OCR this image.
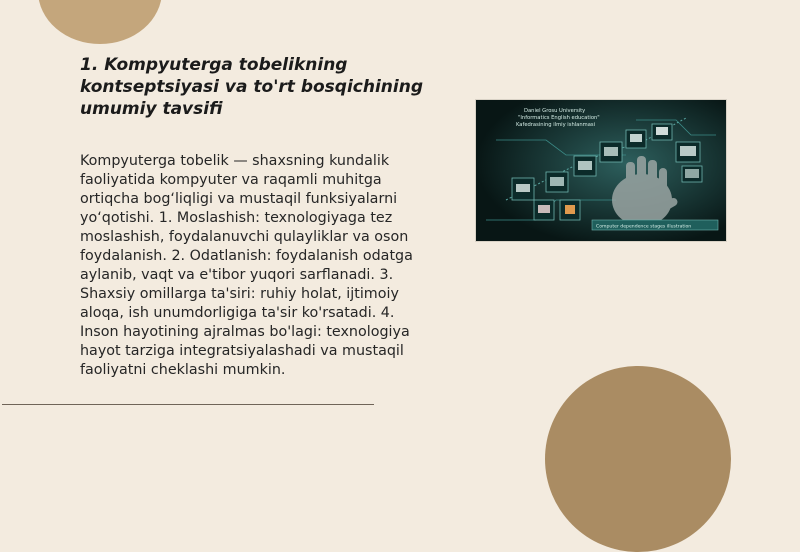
1. Kompyuterga tobelikning kontseptsiyasi va to'rt bosqichining umumiy tavsifi

Kompyuterga tobelik — shaxsning kundalik faoliyatida kompyuter va raqamli muhitga ortiqcha bog‘liqligi va mustaqil funksiyalarni yo‘qotishi. 1. Moslashish: texnologiyaga tez moslashish, foydalanuvchi qulayliklar va oson foydalanish. 2. Odatlanish: foydalanish odatga aylanib, vaqt va e'tibor yuqori sarflanadi. 3. Shaxsiy omillarga ta'siri: ruhiy holat, ijtimoiy aloqa, ish unumdorligiga ta'sir ko'rsatadi. 4. Inson hayotining ajralmas bo'lagi: texnologiya hayot tarziga integratsiyalashadi va mustaqil faoliyatni cheklashi mumkin.

Daniel Grosu University
"Informatics English education"
Kafedrasining ilmiy ishlanmasi
Computer dependence stages illustration
